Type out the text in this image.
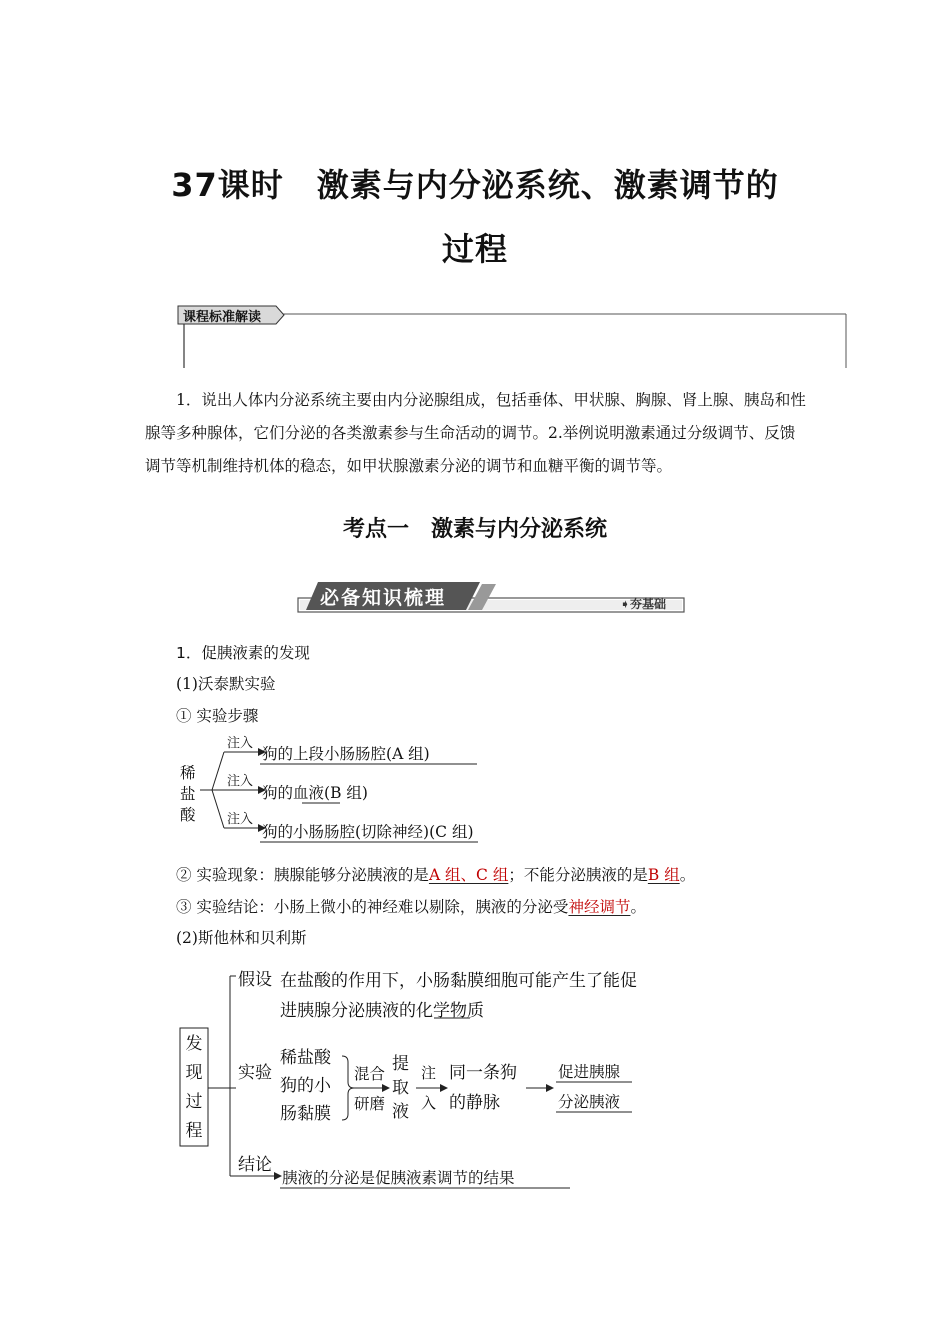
37课时　激素与内分泌系统、激素调节的
过程
课程标准解读
1．说出人体内分泌系统主要由内分泌腺组成，包括垂体、甲状腺、胸腺、肾上腺、胰岛和性腺等多种腺体，它们分泌的各类激素参与生命活动的调节。2.举例说明激素通过分级调节、反馈调节等机制维持机体的稳态，如甲状腺激素分泌的调节和血糖平衡的调节等。
考点一　激素与内分泌系统
必备知识梳理	➧夯基础
1．促胰液素的发现
(1)沃泰默实验
① 实验步骤
稀
盐
酸
注入
注入
注入
狗的上段小肠肠腔(A 组)
狗的血液(B 组)
狗的小肠肠腔(切除神经)(C 组)
② 实验现象：胰腺能够分泌胰液的是A 组、C 组；不能分泌胰液的是B 组。
③ 实验结论：小肠上微小的神经难以剔除，胰液的分泌受神经调节。
(2)斯他林和贝利斯
发
现
过
程
假设 在盐酸的作用下，小肠黏膜细胞可能产生了能促
进胰腺分泌胰液的化学物质
实验
稀盐酸
狗的小
肠黏膜
混合
研磨
提
取
液
注
入
同一条狗
的静脉
促进胰腺
分泌胰液
结论
胰液的分泌是促胰液素调节的结果
